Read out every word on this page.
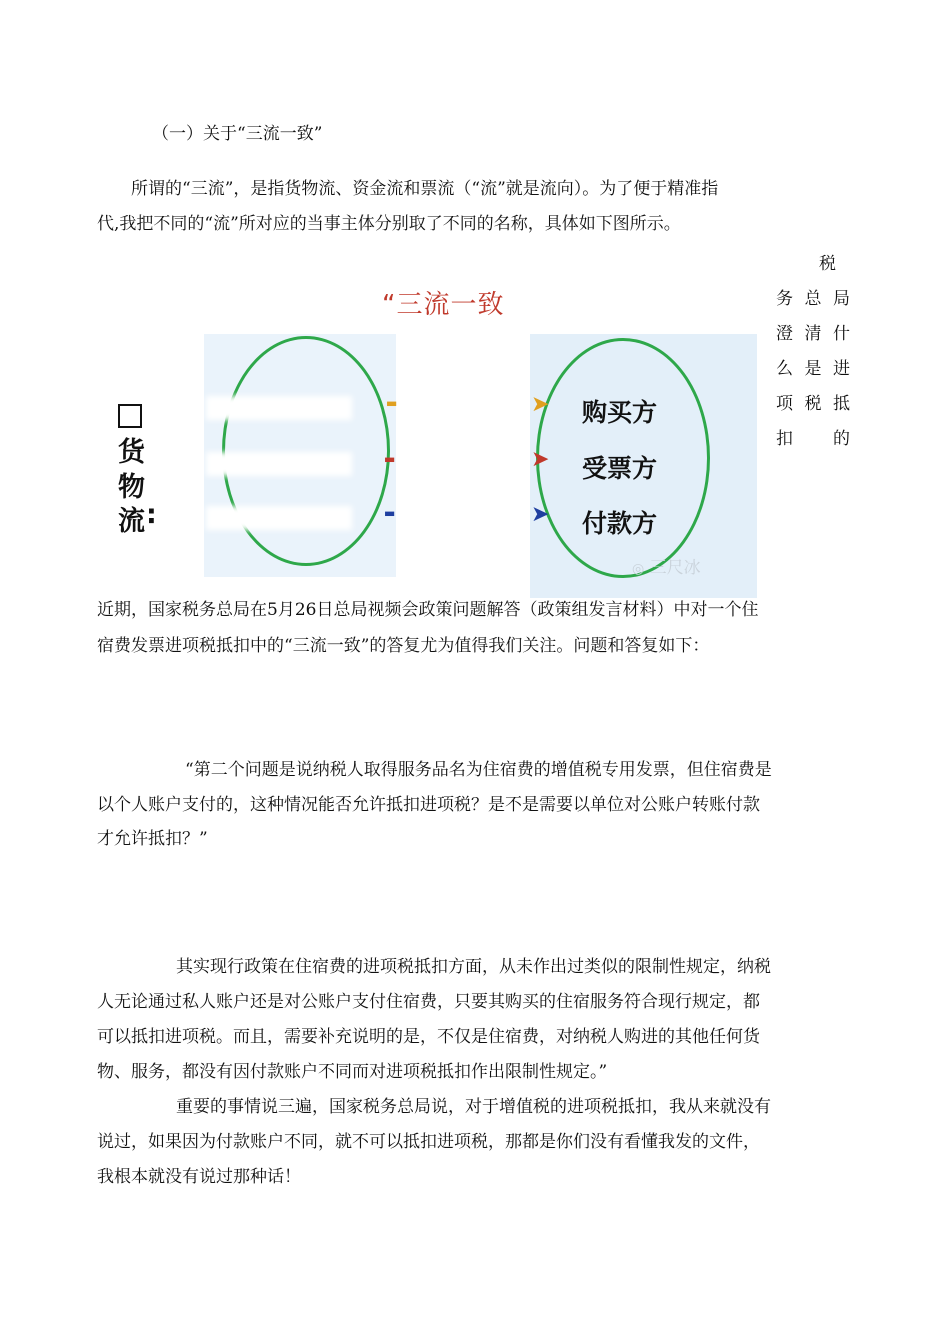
（一）关于“三流一致”
所谓的“三流”，是指货物流、资金流和票流（“流”就是流向）。为了便于精准指
代,我把不同的“流”所对应的当事主体分别取了不同的名称，具体如下图所示。
税
务 总 局
澄 清 什
么 是 进
项 税 抵
扣 的
“三流一致
▬
▬
▬
➤
➤
➤
购买方
受票方
付款方
◎ 三尺冰
货
物
流 :
近期，国家税务总局在5月26日总局视频会政策问题解答（政策组发言材料）中对一个住
宿费发票进项税抵扣中的“三流一致”的答复尤为值得我们关注。问题和答复如下：
“第二个问题是说纳税人取得服务品名为住宿费的增值税专用发票，但住宿费是
以个人账户支付的，这种情况能否允许抵扣进项税？是不是需要以单位对公账户转账付款
才允许抵扣？”
其实现行政策在住宿费的进项税抵扣方面，从未作出过类似的限制性规定，纳税
人无论通过私人账户还是对公账户支付住宿费，只要其购买的住宿服务符合现行规定，都
可以抵扣进项税。而且，需要补充说明的是，不仅是住宿费，对纳税人购进的其他任何货
物、服务，都没有因付款账户不同而对进项税抵扣作出限制性规定。”
重要的事情说三遍，国家税务总局说，对于增值税的进项税抵扣，我从来就没有
说过，如果因为付款账户不同，就不可以抵扣进项税，那都是你们没有看懂我发的文件，
我根本就没有说过那种话！
